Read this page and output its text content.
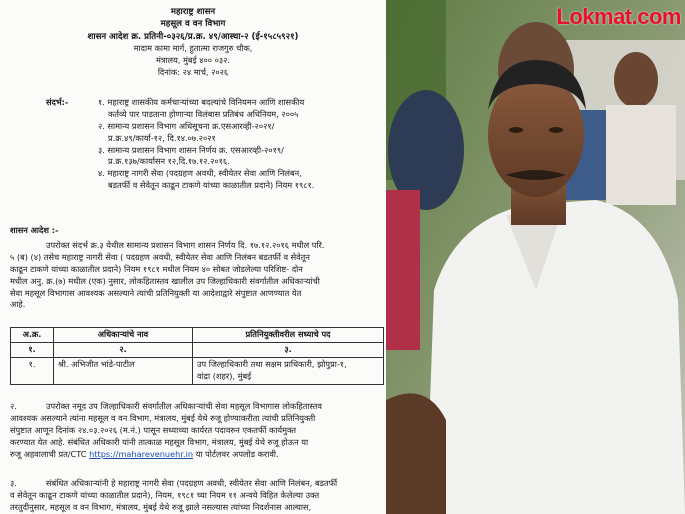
महाराष्ट्र शासन
महसूल व वन विभाग
शासन आदेश क्र. प्रतिनी-०३२६/प्र.क्र. ४९/आस्था-२ (ई-१५८५९२१)
मादाम कामा मार्ग, हुतात्मा राजगुरु चौक,
मंत्रालय, मुंबई ४०० ०३२.
दिनांक: २४ मार्च, २०२६
संदर्भ:-	१. महाराष्ट्र शासकीय कर्मचाऱ्यांच्या बदल्यांचे विनियमन आणि शासकीय
कर्तव्ये पार पाडताना होणाऱ्या विलंबास प्रतिबंध अधिनियम, २००५
२. सामान्य प्रशासन विभाग अधिसूचना क्र.एसआरव्ही-२०२१/
प्र.क्र.४९/कार्या-१२, दि.१४.०७.२०२१
३. सामान्य प्रशासन विभाग शासन निर्णय क्र. एसआरव्ही-२०१९/
प्र.क्र.१३७/कार्यासन १२,दि.१७.१२.२०१६.
४. महाराष्ट्र नागरी सेवा (पदग्रहण अवधी, स्वीयेतर सेवा आणि निलंबन,
बडतर्फी व सेवेतून काढून टाकणे यांच्या काळातील प्रदाने) नियम १९८१.
शासन आदेश :-
उपरोक्त संदर्भ क्र.३ येथील सामान्य प्रशासन विभाग शासन निर्णय दि. १७.१२.२०१६ मधील परि.
५ (ब) (४) तसेच महाराष्ट्र नागरी सेवा ( पदग्रहण अवधी, स्वीयेतर सेवा आणि निलंबन बडतर्फी व सेवेतून
काढून टाकणे यांच्या काळातील प्रदाने) नियम १९८१ मधील नियम ४० सोबत जोडलेल्या परिशिष्ट- दोन
मधील अनु. क्र.(७) मधील (एक) नुसार, लोकहितास्तव खालील उप जिल्हाधिकारी संवर्गातील अधिकाऱ्यांची
सेवा महसूल विभागास आवश्यक असल्याने त्यांची प्रतिनियुक्ती या आदेशाद्वारे संपुष्टात आणण्यात येत
आहे.
अ.क्र.	अधिकाऱ्यांचे नाव	प्रतिनियुक्तीवरील सध्याचे पद
१.	२.	३.
१.	श्री. अभिजीत भांडे-पाटील	उप जिल्हाधिकारी तथा सक्षम प्राधिकारी, झोपुप्रा-१,
वांद्रा (शहर), मुंबई
२.	उपरोक्त नमूद उप जिल्हाधिकारी संवर्गातील अधिकाऱ्यांची सेवा महसूल विभागास लोकहितास्तव
आवश्यक असल्याने त्यांना महसूल व वन विभाग, मंत्रालय, मुंबई येथे रुजू होण्याकरीता त्यांची प्रतिनियुक्ती
संपुष्टात आणून दिनांक २४.०३.२०२६ (म.नं.) पासून सध्याच्या कार्यरत पदावरुन एकतर्फी कार्यमुक्त
करण्यात येत आहे. संबंधित अधिकारी यांनी तात्काळ महसूल विभाग, मंत्रालय, मुंबई येथे रुजू होऊन या
रुजू अहवालाची प्रत/CTC https://maharevenuehr.in या पोर्टलवर अपलोड करावी.
३.	संबंधित अधिकाऱ्यांनी हे महाराष्ट्र नागरी सेवा (पदग्रहण अवधी, स्वीयेतर सेवा आणि निलंबन, बडतर्फी
व सेवेतून काढून टाकणे यांच्या काळातील प्रदाने), नियम, १९८१ च्या नियम ११ अन्वये विहित केलेल्या उक्त
तरतुदीनुसार, महसूल व वन विभाग, मंत्रालय, मुंबई येथे रुजू झाले नसल्यास त्यांच्या निदर्शनास आल्यास,
Lokmat.com
